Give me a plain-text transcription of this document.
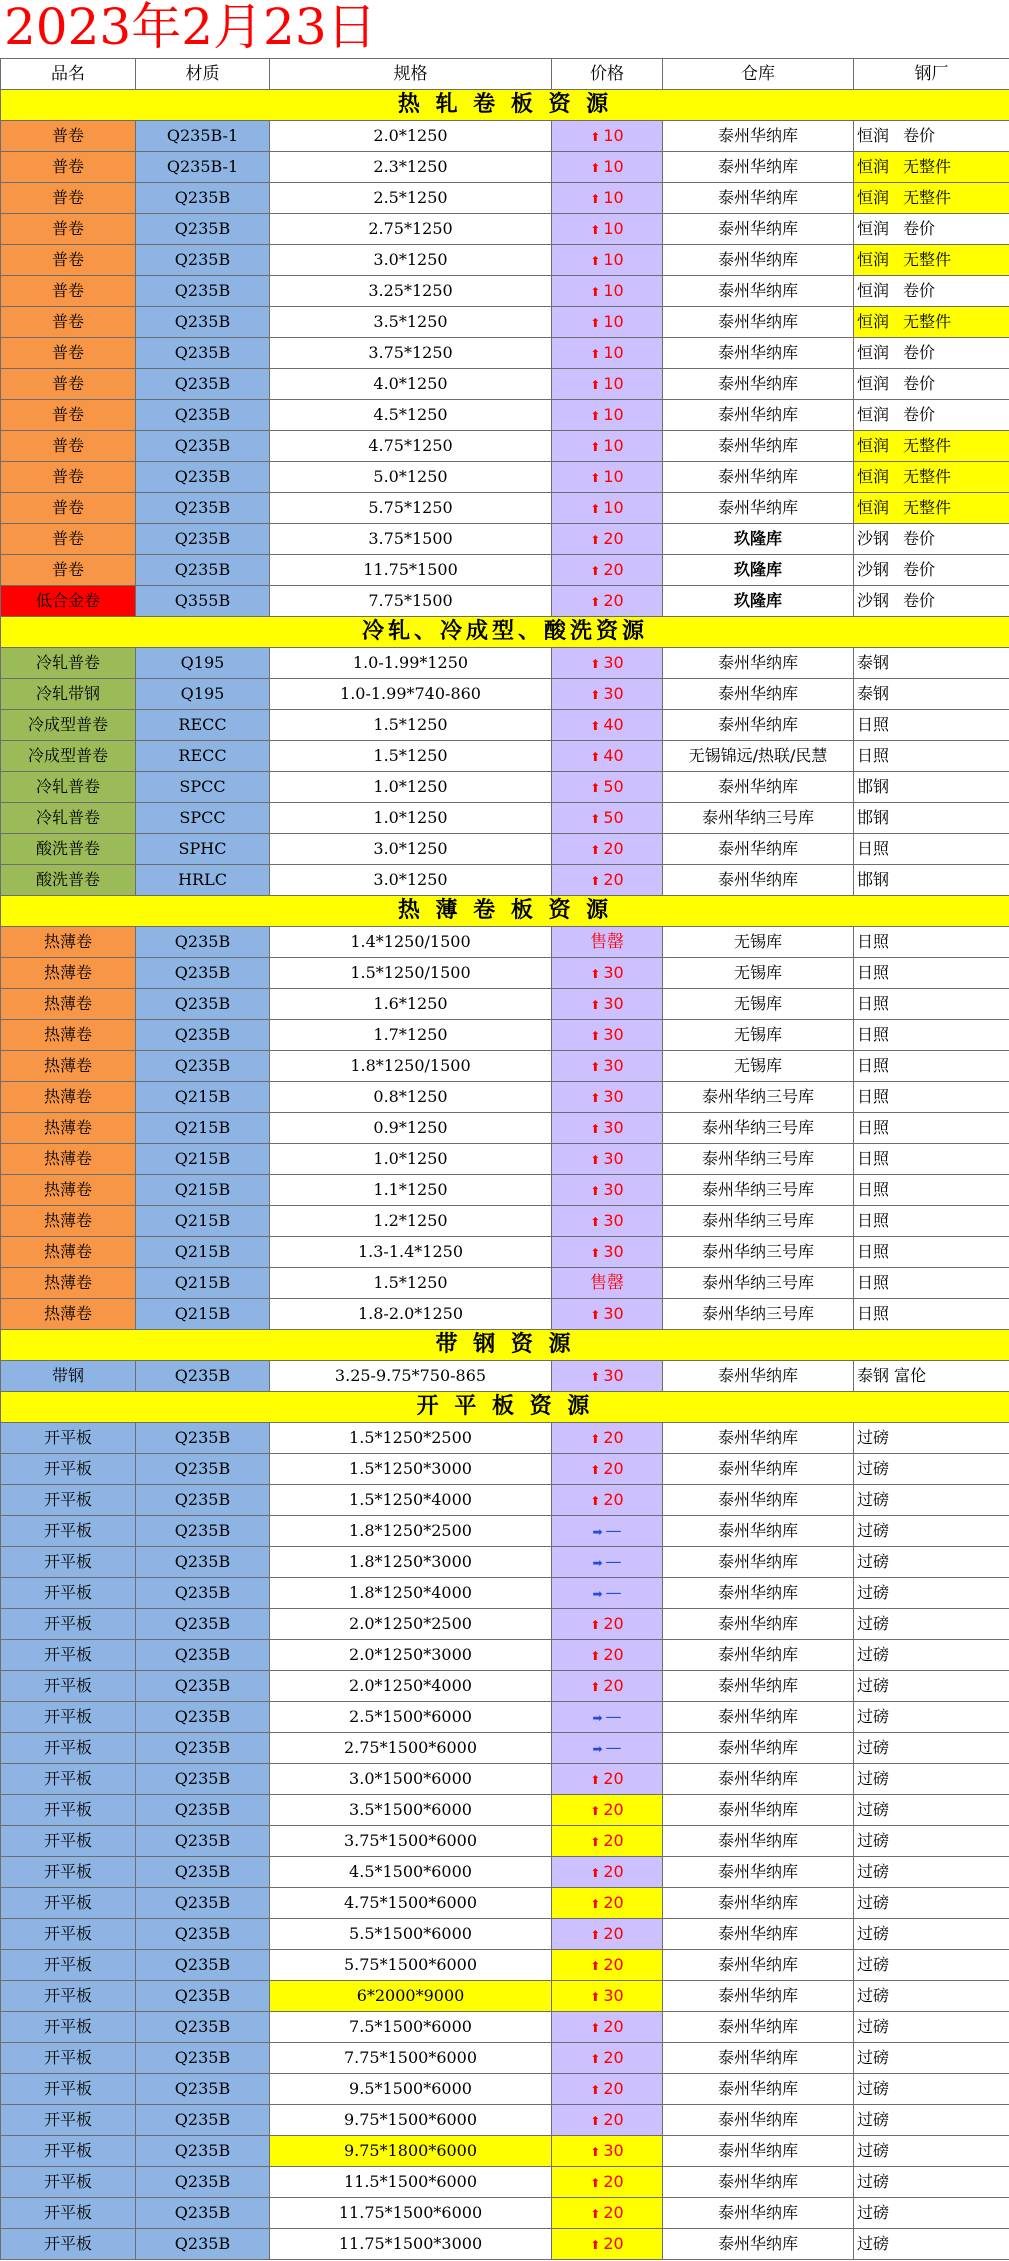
2023年2月23日
品名	材质	规格	价格	仓库	钢厂
热 轧 卷 板 资 源					
普卷	Q235B-1	2.0*1250	⬆ 10	泰州华纳库	恒润 卷价
普卷	Q235B-1	2.3*1250	⬆ 10	泰州华纳库	恒润 无整件
普卷	Q235B	2.5*1250	⬆ 10	泰州华纳库	恒润 无整件
普卷	Q235B	2.75*1250	⬆ 10	泰州华纳库	恒润 卷价
普卷	Q235B	3.0*1250	⬆ 10	泰州华纳库	恒润 无整件
普卷	Q235B	3.25*1250	⬆ 10	泰州华纳库	恒润 卷价
普卷	Q235B	3.5*1250	⬆ 10	泰州华纳库	恒润 无整件
普卷	Q235B	3.75*1250	⬆ 10	泰州华纳库	恒润 卷价
普卷	Q235B	4.0*1250	⬆ 10	泰州华纳库	恒润 卷价
普卷	Q235B	4.5*1250	⬆ 10	泰州华纳库	恒润 卷价
普卷	Q235B	4.75*1250	⬆ 10	泰州华纳库	恒润 无整件
普卷	Q235B	5.0*1250	⬆ 10	泰州华纳库	恒润 无整件
普卷	Q235B	5.75*1250	⬆ 10	泰州华纳库	恒润 无整件
普卷	Q235B	3.75*1500	⬆ 20	玖隆库	沙钢 卷价
普卷	Q235B	11.75*1500	⬆ 20	玖隆库	沙钢 卷价
低合金卷	Q355B	7.75*1500	⬆ 20	玖隆库	沙钢 卷价
冷轧、冷成型、酸洗资源					
冷轧普卷	Q195	1.0-1.99*1250	⬆ 30	泰州华纳库	泰钢
冷轧带钢	Q195	1.0-1.99*740-860	⬆ 30	泰州华纳库	泰钢
冷成型普卷	RECC	1.5*1250	⬆ 40	泰州华纳库	日照
冷成型普卷	RECC	1.5*1250	⬆ 40	无锡锦远/热联/民慧	日照
冷轧普卷	SPCC	1.0*1250	⬆ 50	泰州华纳库	邯钢
冷轧普卷	SPCC	1.0*1250	⬆ 50	泰州华纳三号库	邯钢
酸洗普卷	SPHC	3.0*1250	⬆ 20	泰州华纳库	日照
酸洗普卷	HRLC	3.0*1250	⬆ 20	泰州华纳库	邯钢
热 薄 卷 板 资 源					
热薄卷	Q235B	1.4*1250/1500	售罄	无锡库	日照
热薄卷	Q235B	1.5*1250/1500	⬆ 30	无锡库	日照
热薄卷	Q235B	1.6*1250	⬆ 30	无锡库	日照
热薄卷	Q235B	1.7*1250	⬆ 30	无锡库	日照
热薄卷	Q235B	1.8*1250/1500	⬆ 30	无锡库	日照
热薄卷	Q215B	0.8*1250	⬆ 30	泰州华纳三号库	日照
热薄卷	Q215B	0.9*1250	⬆ 30	泰州华纳三号库	日照
热薄卷	Q215B	1.0*1250	⬆ 30	泰州华纳三号库	日照
热薄卷	Q215B	1.1*1250	⬆ 30	泰州华纳三号库	日照
热薄卷	Q215B	1.2*1250	⬆ 30	泰州华纳三号库	日照
热薄卷	Q215B	1.3-1.4*1250	⬆ 30	泰州华纳三号库	日照
热薄卷	Q215B	1.5*1250	售罄	泰州华纳三号库	日照
热薄卷	Q215B	1.8-2.0*1250	⬆ 30	泰州华纳三号库	日照
带 钢 资 源					
带钢	Q235B	3.25-9.75*750-865	⬆ 30	泰州华纳库	泰钢 富伦
开 平 板 资 源					
开平板	Q235B	1.5*1250*2500	⬆ 20	泰州华纳库	过磅
开平板	Q235B	1.5*1250*3000	⬆ 20	泰州华纳库	过磅
开平板	Q235B	1.5*1250*4000	⬆ 20	泰州华纳库	过磅
开平板	Q235B	1.8*1250*2500	➡ —	泰州华纳库	过磅
开平板	Q235B	1.8*1250*3000	➡ —	泰州华纳库	过磅
开平板	Q235B	1.8*1250*4000	➡ —	泰州华纳库	过磅
开平板	Q235B	2.0*1250*2500	⬆ 20	泰州华纳库	过磅
开平板	Q235B	2.0*1250*3000	⬆ 20	泰州华纳库	过磅
开平板	Q235B	2.0*1250*4000	⬆ 20	泰州华纳库	过磅
开平板	Q235B	2.5*1500*6000	➡ —	泰州华纳库	过磅
开平板	Q235B	2.75*1500*6000	➡ —	泰州华纳库	过磅
开平板	Q235B	3.0*1500*6000	⬆ 20	泰州华纳库	过磅
开平板	Q235B	3.5*1500*6000	⬆ 20	泰州华纳库	过磅
开平板	Q235B	3.75*1500*6000	⬆ 20	泰州华纳库	过磅
开平板	Q235B	4.5*1500*6000	⬆ 20	泰州华纳库	过磅
开平板	Q235B	4.75*1500*6000	⬆ 20	泰州华纳库	过磅
开平板	Q235B	5.5*1500*6000	⬆ 20	泰州华纳库	过磅
开平板	Q235B	5.75*1500*6000	⬆ 20	泰州华纳库	过磅
开平板	Q235B	6*2000*9000	⬆ 30	泰州华纳库	过磅
开平板	Q235B	7.5*1500*6000	⬆ 20	泰州华纳库	过磅
开平板	Q235B	7.75*1500*6000	⬆ 20	泰州华纳库	过磅
开平板	Q235B	9.5*1500*6000	⬆ 20	泰州华纳库	过磅
开平板	Q235B	9.75*1500*6000	⬆ 20	泰州华纳库	过磅
开平板	Q235B	9.75*1800*6000	⬆ 30	泰州华纳库	过磅
开平板	Q235B	11.5*1500*6000	⬆ 20	泰州华纳库	过磅
开平板	Q235B	11.75*1500*6000	⬆ 20	泰州华纳库	过磅
开平板	Q235B	11.75*1500*3000	⬆ 20	泰州华纳库	过磅
